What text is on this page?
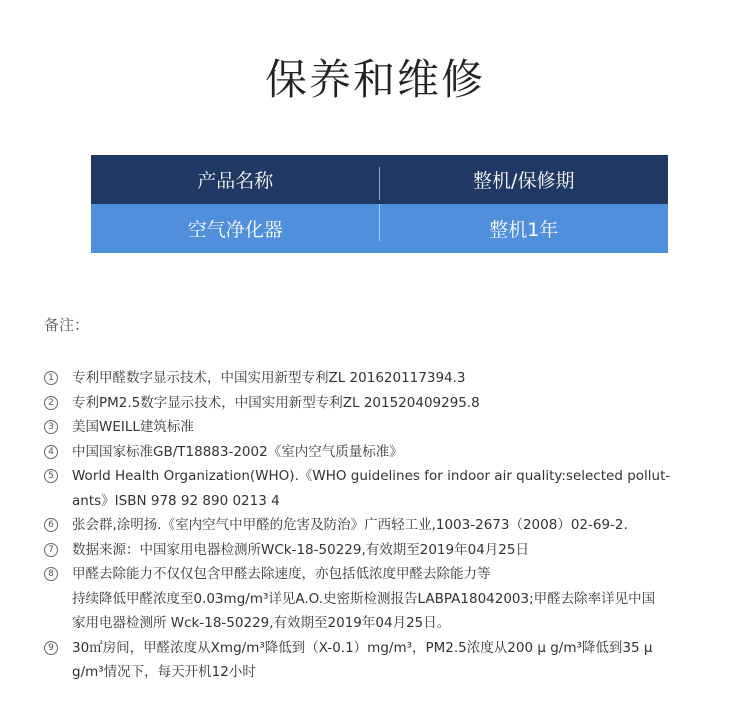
保养和维修
产品名称	整机/保修期
空气净化器	整机1年
备注：
1	专利甲醛数字显示技术，中国实用新型专利ZL 201620117394.3
2	专利PM2.5数字显示技术，中国实用新型专利ZL 201520409295.8
3	美国WEILL建筑标准
4	中国国家标准GB/T18883-2002《室内空气质量标准》
5	World Health Organization(WHO).《WHO guidelines for indoor air quality:selected pollut-
ants》ISBN 978 92 890 0213 4
6	张会群,涂明扬.《室内空气中甲醛的危害及防治》广西轻工业,1003-2673（2008）02-69-2.
7	数据来源：中国家用电器检测所WCk-18-50229,有效期至2019年04月25日
8	甲醛去除能力不仅仅包含甲醛去除速度，亦包括低浓度甲醛去除能力等
持续降低甲醛浓度至0.03mg/m³详见A.O.史密斯检测报告LABPA18042003;甲醛去除率详见中国
家用电器检测所 Wck-18-50229,有效期至2019年04月25日。
9	30㎡房间，甲醛浓度从Xmg/m³降低到（X-0.1）mg/m³，PM2.5浓度从200 μ g/m³降低到35 μ
g/m³情况下，每天开机12小时
